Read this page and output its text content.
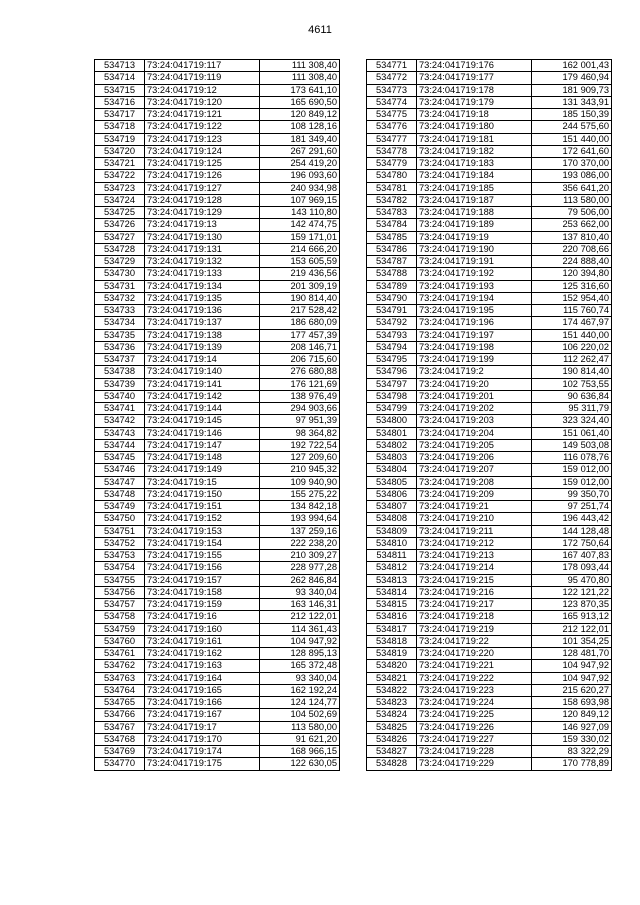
4611
534713	73:24:041719:117	111 308,40
534714	73:24:041719:119	111 308,40
534715	73:24:041719:12	173 641,10
534716	73:24:041719:120	165 690,50
534717	73:24:041719:121	120 849,12
534718	73:24:041719:122	108 128,16
534719	73:24:041719:123	181 349,40
534720	73:24:041719:124	267 291,60
534721	73:24:041719:125	254 419,20
534722	73:24:041719:126	196 093,60
534723	73:24:041719:127	240 934,98
534724	73:24:041719:128	107 969,15
534725	73:24:041719:129	143 110,80
534726	73:24:041719:13	142 474,75
534727	73:24:041719:130	159 171,01
534728	73:24:041719:131	214 666,20
534729	73:24:041719:132	153 605,59
534730	73:24:041719:133	219 436,56
534731	73:24:041719:134	201 309,19
534732	73:24:041719:135	190 814,40
534733	73:24:041719:136	217 528,42
534734	73:24:041719:137	186 680,09
534735	73:24:041719:138	177 457,39
534736	73:24:041719:139	208 146,71
534737	73:24:041719:14	206 715,60
534738	73:24:041719:140	276 680,88
534739	73:24:041719:141	176 121,69
534740	73:24:041719:142	138 976,49
534741	73:24:041719:144	294 903,66
534742	73:24:041719:145	97 951,39
534743	73:24:041719:146	98 364,82
534744	73:24:041719:147	192 722,54
534745	73:24:041719:148	127 209,60
534746	73:24:041719:149	210 945,32
534747	73:24:041719:15	109 940,90
534748	73:24:041719:150	155 275,22
534749	73:24:041719:151	134 842,18
534750	73:24:041719:152	193 994,64
534751	73:24:041719:153	137 259,16
534752	73:24:041719:154	222 238,20
534753	73:24:041719:155	210 309,27
534754	73:24:041719:156	228 977,28
534755	73:24:041719:157	262 846,84
534756	73:24:041719:158	93 340,04
534757	73:24:041719:159	163 146,31
534758	73:24:041719:16	212 122,01
534759	73:24:041719:160	114 361,43
534760	73:24:041719:161	104 947,92
534761	73:24:041719:162	128 895,13
534762	73:24:041719:163	165 372,48
534763	73:24:041719:164	93 340,04
534764	73:24:041719:165	162 192,24
534765	73:24:041719:166	124 124,77
534766	73:24:041719:167	104 502,69
534767	73:24:041719:17	113 580,00
534768	73:24:041719:170	91 621,20
534769	73:24:041719:174	168 966,15
534770	73:24:041719:175	122 630,05
534771	73:24:041719:176	162 001,43
534772	73:24:041719:177	179 460,94
534773	73:24:041719:178	181 909,73
534774	73:24:041719:179	131 343,91
534775	73:24:041719:18	185 150,39
534776	73:24:041719:180	244 575,60
534777	73:24:041719:181	151 440,00
534778	73:24:041719:182	172 641,60
534779	73:24:041719:183	170 370,00
534780	73:24:041719:184	193 086,00
534781	73:24:041719:185	356 641,20
534782	73:24:041719:187	113 580,00
534783	73:24:041719:188	79 506,00
534784	73:24:041719:189	253 662,00
534785	73:24:041719:19	137 810,40
534786	73:24:041719:190	220 708,66
534787	73:24:041719:191	224 888,40
534788	73:24:041719:192	120 394,80
534789	73:24:041719:193	125 316,60
534790	73:24:041719:194	152 954,40
534791	73:24:041719:195	115 760,74
534792	73:24:041719:196	174 467,97
534793	73:24:041719:197	151 440,00
534794	73:24:041719:198	106 220,02
534795	73:24:041719:199	112 262,47
534796	73:24:041719:2	190 814,40
534797	73:24:041719:20	102 753,55
534798	73:24:041719:201	90 636,84
534799	73:24:041719:202	95 311,79
534800	73:24:041719:203	323 324,40
534801	73:24:041719:204	151 061,40
534802	73:24:041719:205	149 503,08
534803	73:24:041719:206	116 078,76
534804	73:24:041719:207	159 012,00
534805	73:24:041719:208	159 012,00
534806	73:24:041719:209	99 350,70
534807	73:24:041719:21	97 251,74
534808	73:24:041719:210	196 443,42
534809	73:24:041719:211	144 128,48
534810	73:24:041719:212	172 750,64
534811	73:24:041719:213	167 407,83
534812	73:24:041719:214	178 093,44
534813	73:24:041719:215	95 470,80
534814	73:24:041719:216	122 121,22
534815	73:24:041719:217	123 870,35
534816	73:24:041719:218	165 913,12
534817	73:24:041719:219	212 122,01
534818	73:24:041719:22	101 354,25
534819	73:24:041719:220	128 481,70
534820	73:24:041719:221	104 947,92
534821	73:24:041719:222	104 947,92
534822	73:24:041719:223	215 620,27
534823	73:24:041719:224	158 693,98
534824	73:24:041719:225	120 849,12
534825	73:24:041719:226	146 927,09
534826	73:24:041719:227	159 330,02
534827	73:24:041719:228	83 322,29
534828	73:24:041719:229	170 778,89
